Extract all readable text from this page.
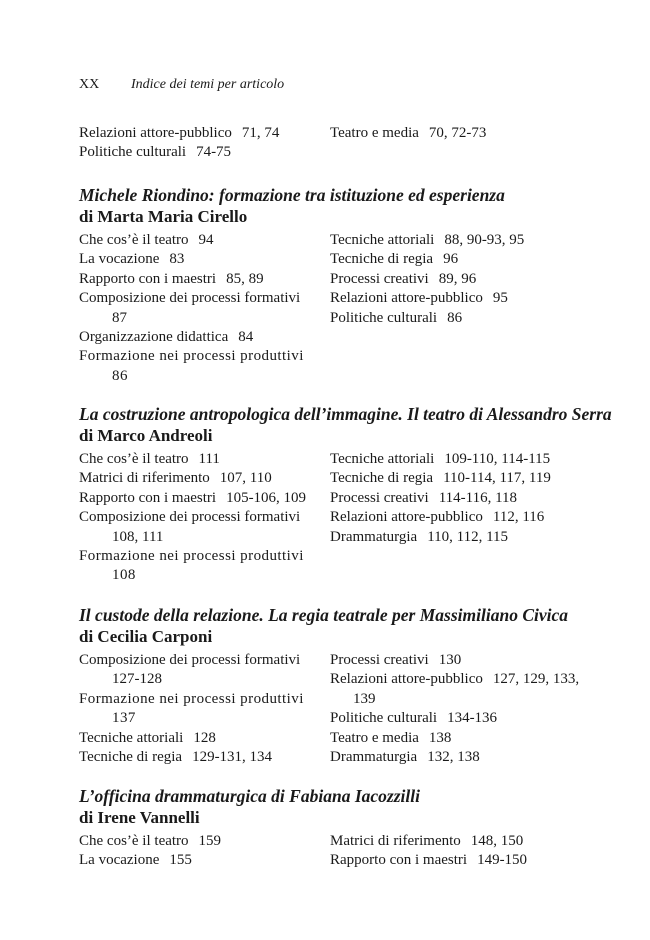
XX Indice dei temi per articolo
Relazioni attore-pubblico 71, 74
Politiche culturali 74-75
Teatro e media 70, 72-73
Michele Riondino: formazione tra istituzione ed esperienza
di Marta Maria Cirello
Che cos’è il teatro 94
La vocazione 83
Rapporto con i maestri 85, 89
Composizione dei processi formativi 87
Organizzazione didattica 84
Formazione nei processi produttivi 86
Tecniche attoriali 88, 90-93, 95
Tecniche di regia 96
Processi creativi 89, 96
Relazioni attore-pubblico 95
Politiche culturali 86
La costruzione antropologica dell’immagine. Il teatro di Alessandro Serra
di Marco Andreoli
Che cos’è il teatro 111
Matrici di riferimento 107, 110
Rapporto con i maestri 105-106, 109
Composizione dei processi formativi 108, 111
Formazione nei processi produttivi 108
Tecniche attoriali 109-110, 114-115
Tecniche di regia 110-114, 117, 119
Processi creativi 114-116, 118
Relazioni attore-pubblico 112, 116
Drammaturgia 110, 112, 115
Il custode della relazione. La regia teatrale per Massimiliano Civica
di Cecilia Carponi
Composizione dei processi formativi 127-128
Formazione nei processi produttivi 137
Tecniche attoriali 128
Tecniche di regia 129-131, 134
Processi creativi 130
Relazioni attore-pubblico 127, 129, 133, 139
Politiche culturali 134-136
Teatro e media 138
Drammaturgia 132, 138
L’officina drammaturgica di Fabiana Iacozzilli
di Irene Vannelli
Che cos’è il teatro 159
La vocazione 155
Matrici di riferimento 148, 150
Rapporto con i maestri 149-150
